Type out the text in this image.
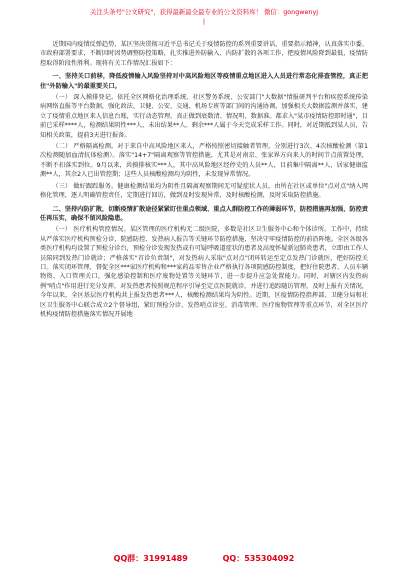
关注头条号"公文研究"，获得最新最全最专业的公文资料库！ 微信：gongwenyj
|

近期国内疫情反弹趋势，某区坚决贯彻习近平总书记关于疫情防控的系列重要讲话、重要指示精神，认真落实市委、市政府部署要求，不断因时因势调整防控策略，扎实推进外防输入、内防扩散的各项工作，把疫情风险降到最低，疫情防控取得阶段性胜利。现将有关工作情况汇报如下：

一、坚持关口前移，降低疫情输入风险坚持对中高风险地区等疫情重点地区进入人员进行常态化排查管控，真正把住"外防输入"的最重要关口。

（一） 深入摸排登记。依托全区网格化治理系统、社区警务系统、公安部门"大数据"情报研判平台和疾控系统传染病网络直报等平台数据，强化政法、卫健、公安、交通、机场专班等部门间的沟通协调，加强相关大数据监测并落实，建立了疫情重点地区来人信息台账，实行动态管理，真正做到底数清、情况明、数据准。都求入"某市疫情防控即时通"，目前已采样****人，检测结果阴性***人，未出结果**人。剩余***人属于今天完成采样工作。同时，对近期抵到某人员，告知相关政策，提前3天进行报备。

（二） 严格隔离检测。对于来自中高风险地区来人，严格按照密切接触者管理，分别进行3次、4次核酸检测（第1次检测随加血清抗体检测）。落实"14+7"隔离观察等管控措施，尤其是对南京、张家界方向来人的时间节点前置处理，不断不扣落实到位。9月以来，共摸排核实***人，其中高风险地区经停史的人员**人，目前集中隔离**人，居家健康监测**人，其余2人已出管控期；这些人员核酸检测均为阴性，未发现异常情况。

（三） 做好跟踪服务。健康检测结果均为阴性且隔离观察期间无可疑症状人员，由所在社区或单位"点对点"纳入网格化管理，逐人明确管控责任，定期进行回访，做到及时发现异常，及时核酸检测，及时采取防控措施。

二、坚持内防扩散，切断疫情扩散途径紧紧盯住重点领域、重点人群防控工作的薄弱环节，防控措施再加强，防控责任再压实，确保不留风险隐患。

（一） 医疗机构管控情况。某区管理的医疗机构无二级医院，多数是社区卫生服务中心和个体诊所。工作中，持续从严落实医疗机构预检分诊、院感防控、发热病人报告等关键环节防控措施，坚决守牢疫情防控的前沿阵地。全区各级各类医疗机构均设置了预检分诊台，预检分诊发现发热或有可疑呼吸道症状的患者及高度怀疑新冠肺炎患者，立即由工作人员陪同到发热门诊就诊；严格落实"首诊负责制"，对发热病人采取"点对点"闭环转运至定点发热门诊就医，把好防控关口。落实闭环管理、督促全区***家医疗机构和***家药品零售企业严格执行各项院感防控制度，把好住院患者、人员车辆物资、入口管理关口，强化感染控制和医疗废物处置等关键环节，进一步提升应急处置能力。同时，对辖区内发热病例"哨点"作用进行充分发挥，对发热患者按照规范程序引导至定点医院就诊，并进行追踪随访管理，及时上报有关情况，今年以来，全区基层医疗机构共上报发热患者***人，核酸检测结果均为阴性。近期，区疫情防控指挥部、卫健分局和社区卫生服务中心联合成立2个督导组，紧盯预检分诊、发热哨点诊室、消毒管理、医疗废物管理等重点环节，对全区医疗机构疫情防控措施落实情况开展地

QQ群：31991489	QQ：535304092
